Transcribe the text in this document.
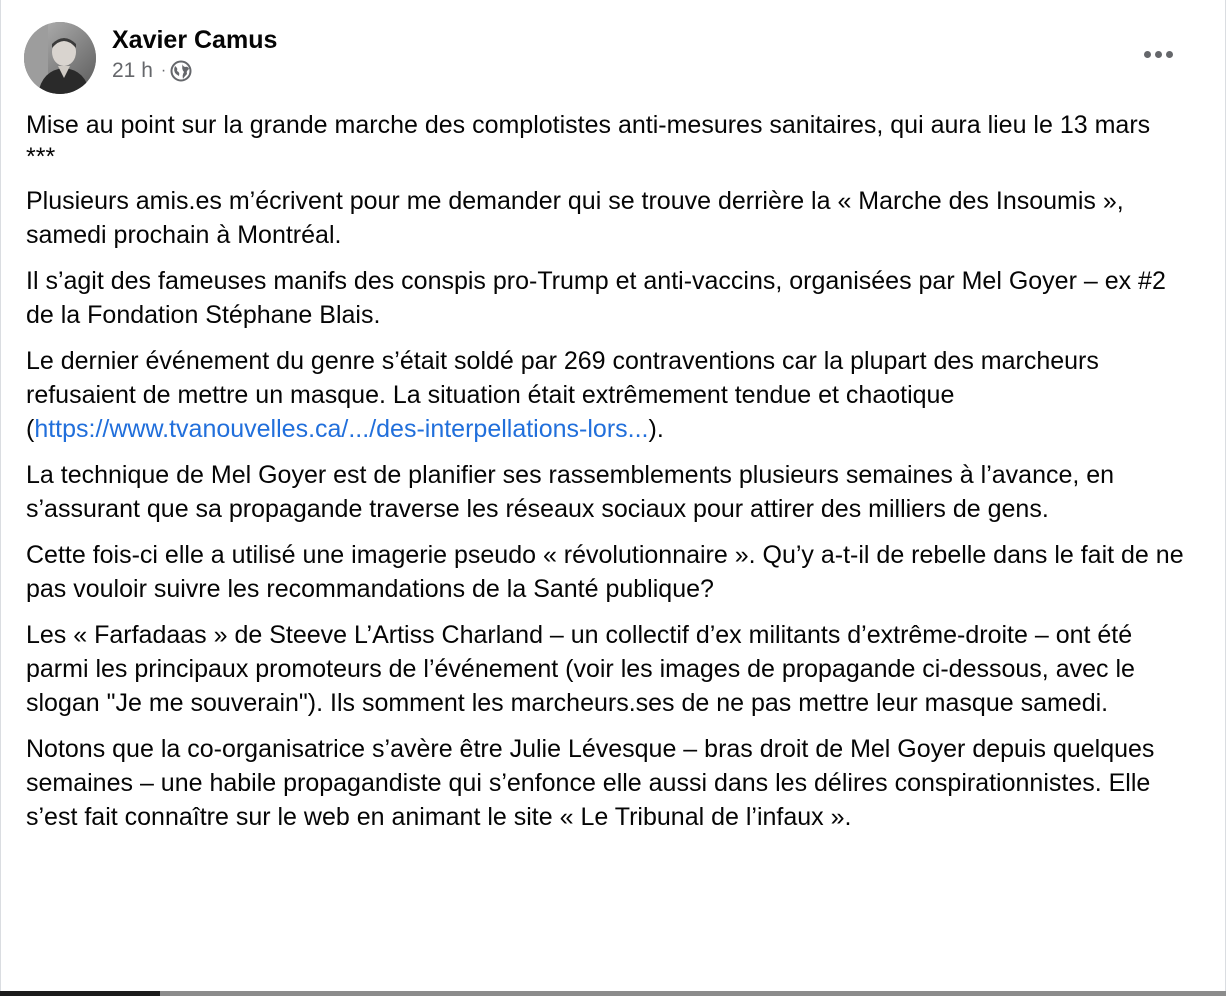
Xavier Camus
21 h ·

Mise au point sur la grande marche des complotistes anti-mesures sanitaires, qui aura lieu le 13 mars
***

Plusieurs amis.es m’écrivent pour me demander qui se trouve derrière la « Marche des Insoumis », samedi prochain à Montréal.

Il s’agit des fameuses manifs des conspis pro-Trump et anti-vaccins, organisées par Mel Goyer – ex #2 de la Fondation Stéphane Blais.

Le dernier événement du genre s’était soldé par 269 contraventions car la plupart des marcheurs refusaient de mettre un masque. La situation était extrêmement tendue et chaotique (https://www.tvanouvelles.ca/.../des-interpellations-lors...).

La technique de Mel Goyer est de planifier ses rassemblements plusieurs semaines à l’avance, en s’assurant que sa propagande traverse les réseaux sociaux pour attirer des milliers de gens.

Cette fois-ci elle a utilisé une imagerie pseudo « révolutionnaire ». Qu’y a-t-il de rebelle dans le fait de ne pas vouloir suivre les recommandations de la Santé publique?

Les « Farfadaas » de Steeve L’Artiss Charland – un collectif d’ex militants d’extrême-droite – ont été parmi les principaux promoteurs de l’événement (voir les images de propagande ci-dessous, avec le slogan "Je me souverain"). Ils somment les marcheurs.ses de ne pas mettre leur masque samedi.

Notons que la co-organisatrice s’avère être Julie Lévesque – bras droit de Mel Goyer depuis quelques semaines – une habile propagandiste qui s’enfonce elle aussi dans les délires conspirationnistes. Elle s’est fait connaître sur le web en animant le site « Le Tribunal de l’infaux ».
